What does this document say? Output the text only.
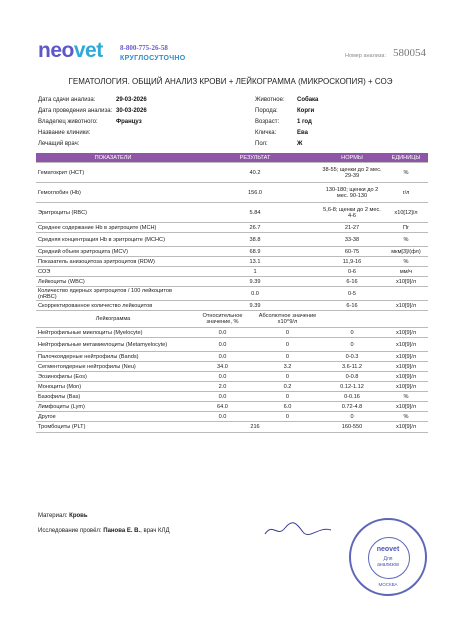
neovet 8-800-775-26-58
КРУГЛОСУТОЧНО	Номер анализа: 580054
ГЕМАТОЛОГИЯ. ОБЩИЙ АНАЛИЗ КРОВИ + ЛЕЙКОГРАММА (МИКРОСКОПИЯ) + СОЭ
Дата сдачи анализа:	29-03-2026
Дата проведения анализа: 30-03-2026
Владелец животного:	Француз
Название клиники:
Лечащий врач:
Животное:	Собака
Порода:	Корги
Возраст:	1 год
Кличка:	Ева
Пол:	Ж
ПОКАЗАТЕЛИ	РЕЗУЛЬТАТ		НОРМЫ	ЕДИНИЦЫ
Гематокрит (HCT)	40.2		38-55; щенки до 2 мес. 29-39	%
Гемоглобин (Hb)	156.0		130-180; щенки до 2 мес. 90-130	г/л
Эритроциты (RBC)	5.84		5,6-8; щенки до 2 мес. 4-6	x10[12]/л
Среднее содержание Hb в эритроците (MCH)	26.7		21-27	Пг
Средняя концентрация Hb в эритроците (MCHC)	38.8		33-38	%
Средний объем эритроцита (MCV)	68.9		60-75	мкм[3]/(фл)
Показатель анизоцитоза эритроцитов (RDW)	13.1		11,9-16	%
СОЭ	1		0-6	мм/ч
Лейкоциты (WBC)	9.39		6-16	x10[9]/л
Количество ядерных эритроцитов / 100 лейкоцитов (nRBC)	0.0		0-5	
Скорректированное количество лейкоцитов	9.39		6-16	x10[9]/л
Лейкограмма	Относительное значение, %	Абсолютное значение x10^9/л		
Нейтрофильные миелоциты (Myelocyte)	0.0	0	0	x10[9]/л
Нейтрофильные метамиелоциты (Metamyelocyte)	0.0	0	0	x10[9]/л
Палочкоядерные нейтрофилы (Bands)	0.0	0	0-0.3	x10[9]/л
Сегментоядерные нейтрофилы (Neu)	34.0	3.2	3.6-11.2	x10[9]/л
Эозинофилы (Eos)	0.0	0	0-0.8	x10[9]/л
Моноциты (Mon)	2.0	0.2	0.12-1.12	x10[9]/л
Базофилы (Bas)	0.0	0	0-0.16	%
Лимфоциты (Lym)	64.0	6.0	0.72-4.8	x10[9]/л
Другое	0.0	0	0	%
Тромбоциты (PLT)	216		160-550	x10[9]/л
Материал: Кровь
Исследование провёл: Панова Е. В., врач КЛД
neovet
Для
анализов
МОСКВА
